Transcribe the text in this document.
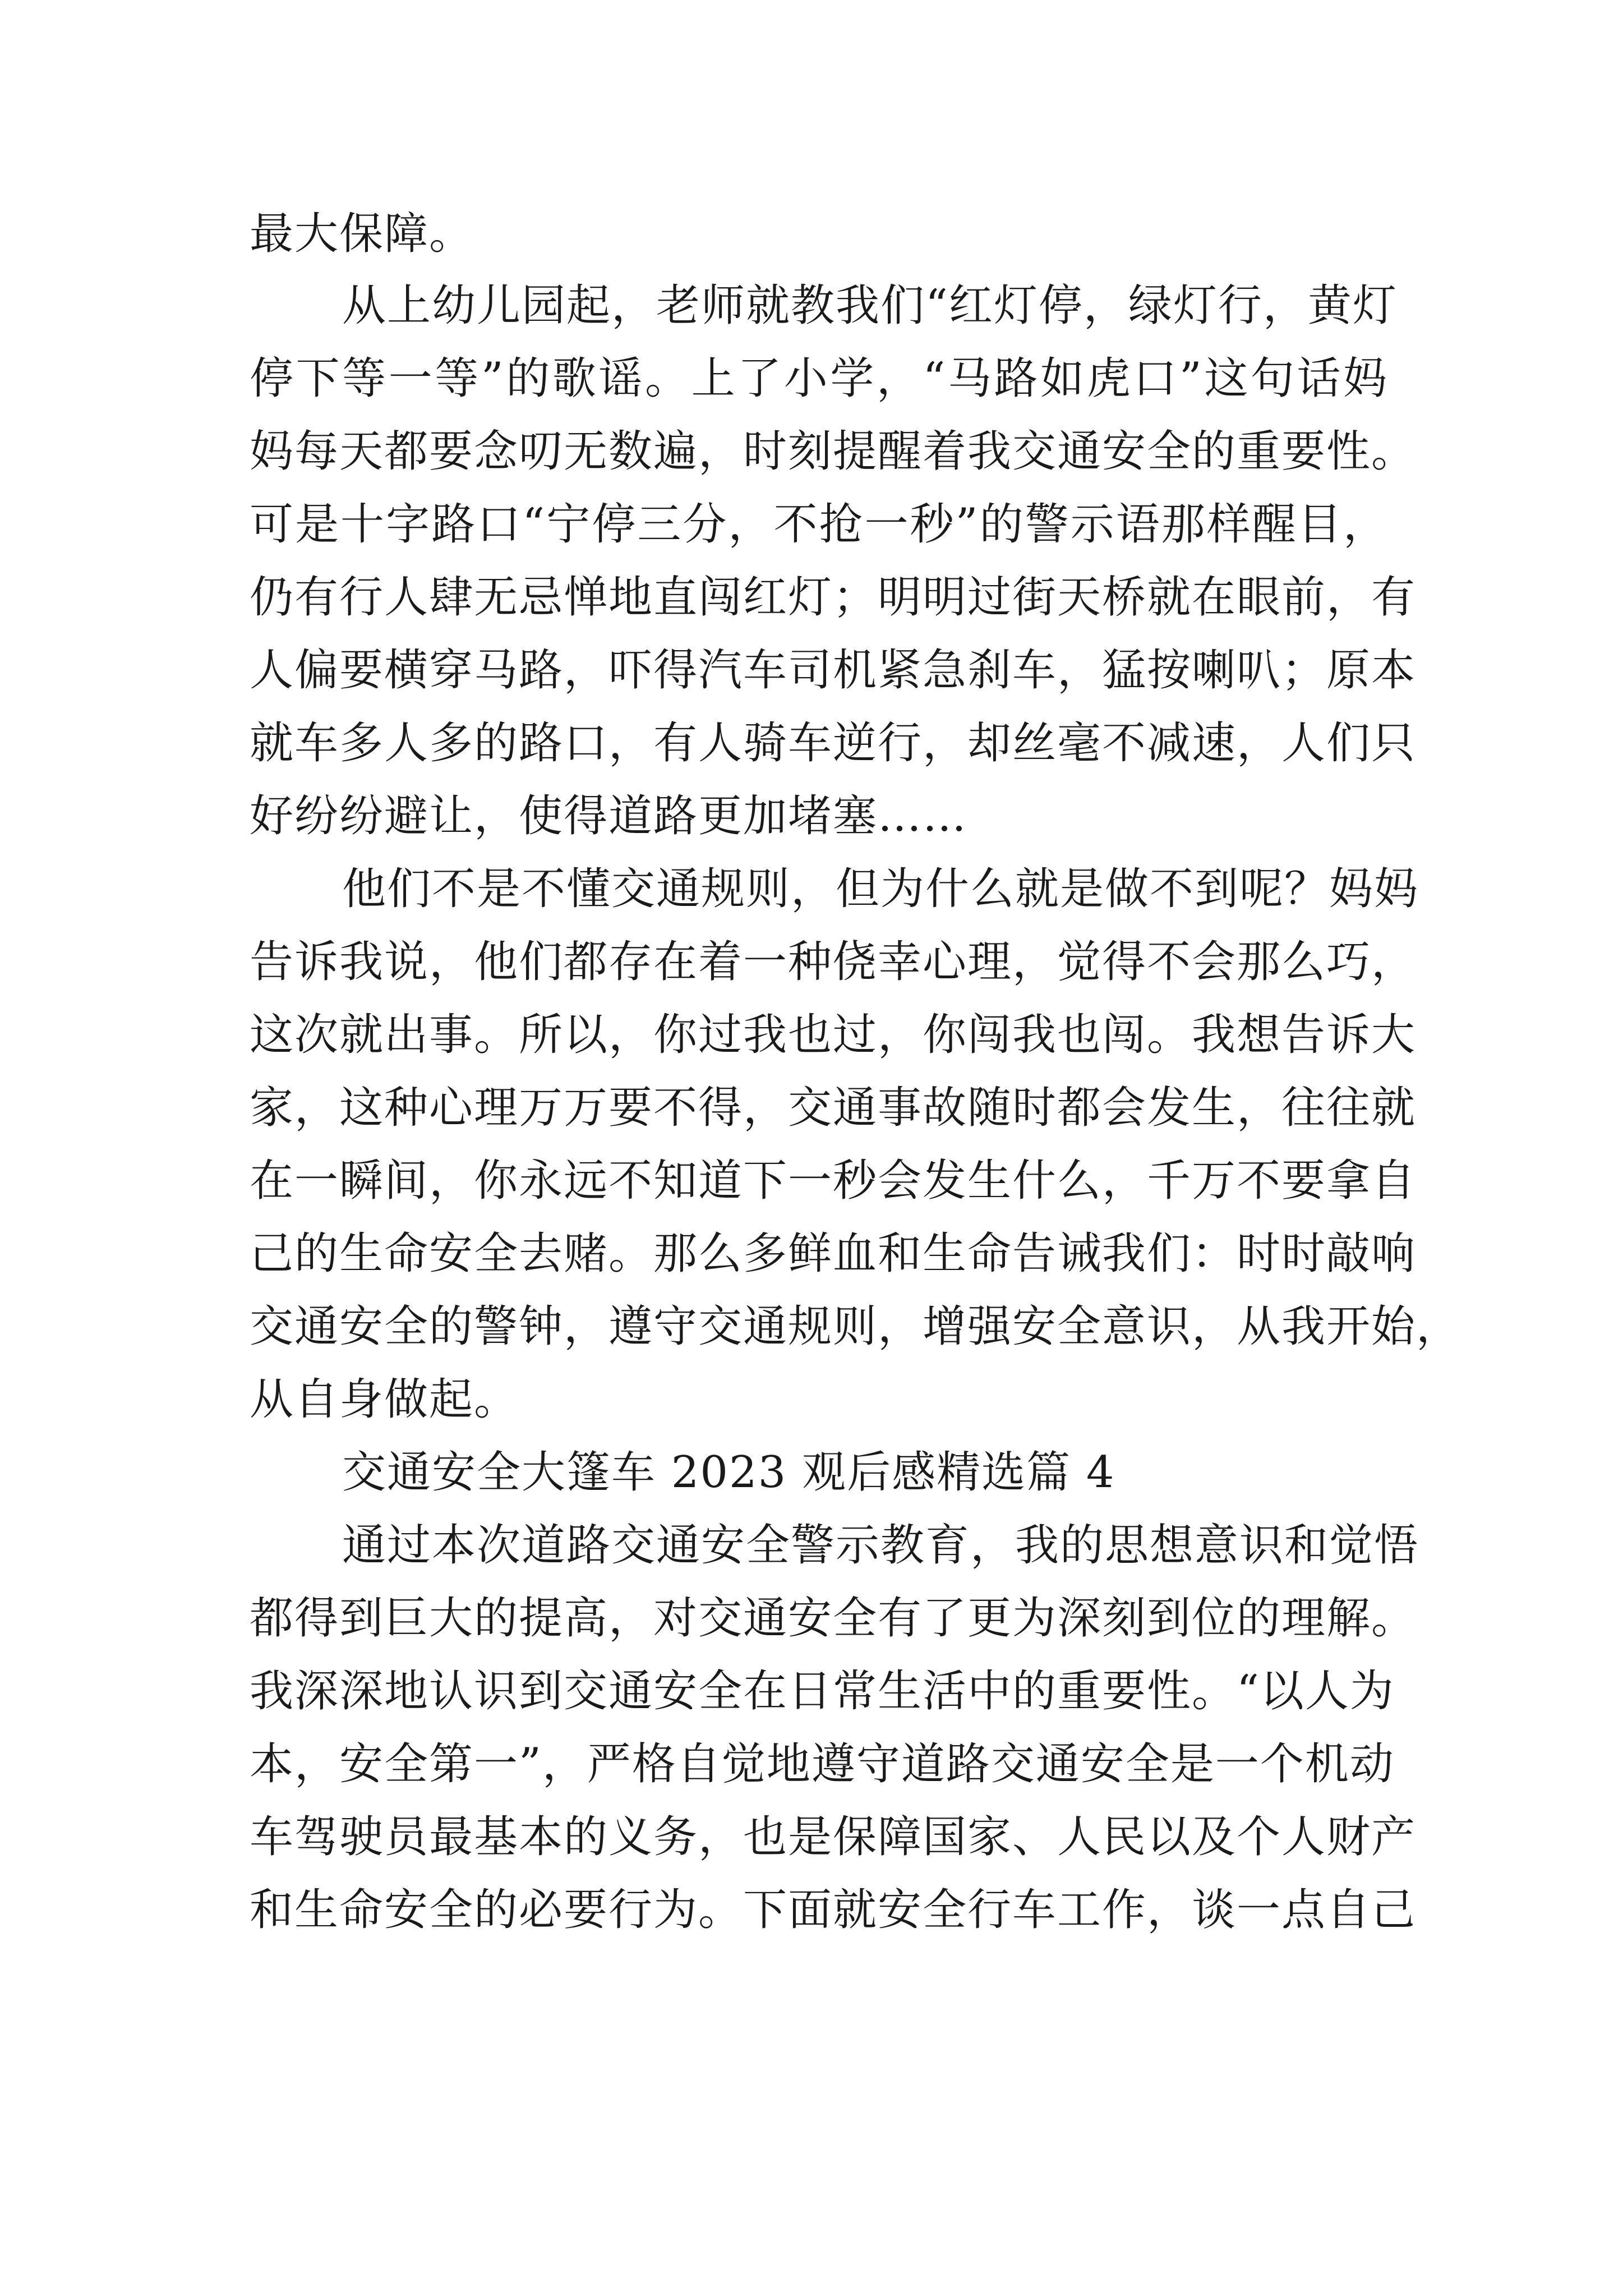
最大保障。
从上幼儿园起，老师就教我们“红灯停，绿灯行，黄灯
停下等一等”的歌谣。上了小学，“马路如虎口”这句话妈
妈每天都要念叨无数遍，时刻提醒着我交通安全的重要性。
可是十字路口“宁停三分，不抢一秒”的警示语那样醒目，
仍有行人肆无忌惮地直闯红灯；明明过街天桥就在眼前，有
人偏要横穿马路，吓得汽车司机紧急刹车，猛按喇叭；原本
就车多人多的路口，有人骑车逆行，却丝毫不减速，人们只
好纷纷避让，使得道路更加堵塞……
他们不是不懂交通规则，但为什么就是做不到呢？妈妈
告诉我说，他们都存在着一种侥幸心理，觉得不会那么巧，
这次就出事。所以，你过我也过，你闯我也闯。我想告诉大
家，这种心理万万要不得，交通事故随时都会发生，往往就
在一瞬间，你永远不知道下一秒会发生什么，千万不要拿自
己的生命安全去赌。那么多鲜血和生命告诫我们：时时敲响
交通安全的警钟，遵守交通规则，增强安全意识，从我开始，
从自身做起。
交通安全大篷车 2023 观后感精选篇 4
通过本次道路交通安全警示教育，我的思想意识和觉悟
都得到巨大的提高，对交通安全有了更为深刻到位的理解。
我深深地认识到交通安全在日常生活中的重要性。“以人为
本，安全第一”，严格自觉地遵守道路交通安全是一个机动
车驾驶员最基本的义务，也是保障国家、人民以及个人财产
和生命安全的必要行为。下面就安全行车工作，谈一点自己
